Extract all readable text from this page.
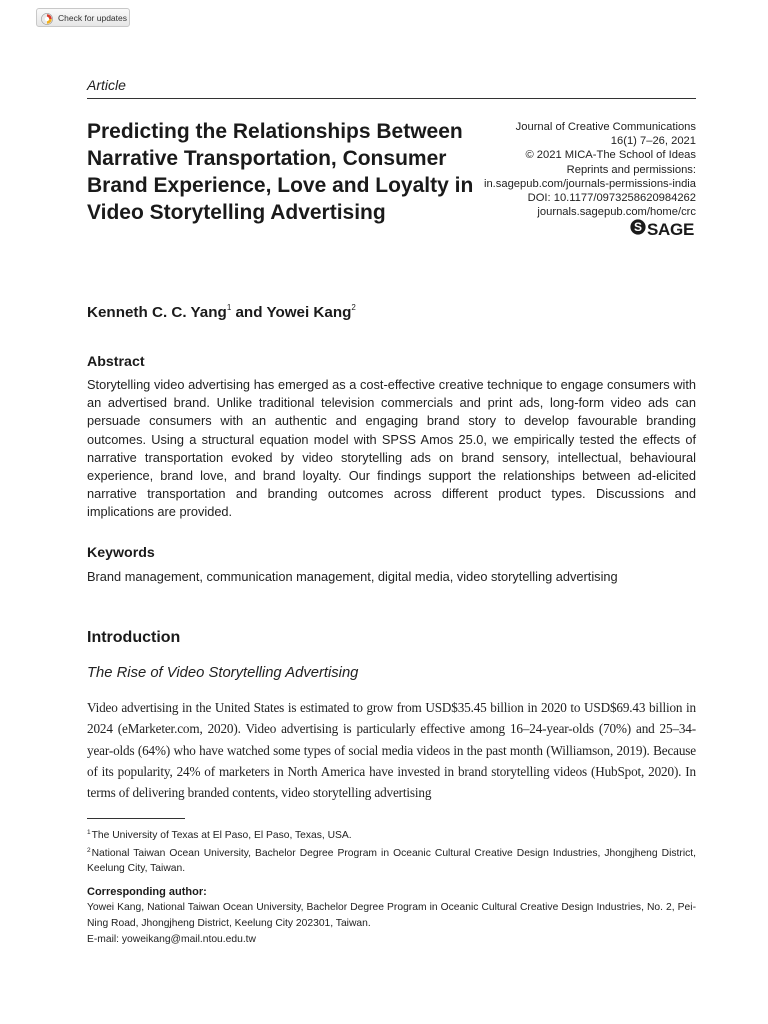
Check for updates
Article
Predicting the Relationships Between Narrative Transportation, Consumer Brand Experience, Love and Loyalty in Video Storytelling Advertising
Journal of Creative Communications
16(1) 7–26, 2021
© 2021 MICA-The School of Ideas
Reprints and permissions:
in.sagepub.com/journals-permissions-india
DOI: 10.1177/0973258620984262
journals.sagepub.com/home/crc
S SAGE
Kenneth C. C. Yang$^1$ and Yowei Kang$^2$
Abstract

Storytelling video advertising has emerged as a cost-effective creative technique to engage consumers with an advertised brand. Unlike traditional television commercials and print ads, long-form video ads can persuade consumers with an authentic and engaging brand story to develop favourable branding outcomes. Using a structural equation model with SPSS Amos 25.0, we empirically tested the effects of narrative transportation evoked by video storytelling ads on brand sensory, intellectual, behavioural experience, brand love, and brand loyalty. Our findings support the relationships between ad-elicited narrative transportation and branding outcomes across different product types. Discussions and implications are provided.

Keywords
Brand management, communication management, digital media, video storytelling advertising
Introduction
The Rise of Video Storytelling Advertising

Video advertising in the United States is estimated to grow from USD$35.45 billion in 2020 to USD$69.43 billion in 2024 (eMarketer.com, 2020). Video advertising is particularly effective among 16–24-year-olds (70%) and 25–34-year-olds (64%) who have watched some types of social media videos in the past month (Williamson, 2019). Because of its popularity, 24% of marketers in North America have invested in brand storytelling videos (HubSpot, 2020). In terms of delivering branded contents, video storytelling advertising

$^1$The University of Texas at El Paso, El Paso, Texas, USA.

$^2$National Taiwan Ocean University, Bachelor Degree Program in Oceanic Cultural Creative Design Industries, Jhongjheng District, Keelung City, Taiwan.

Corresponding author:

Yowei Kang, National Taiwan Ocean University, Bachelor Degree Program in Oceanic Cultural Creative Design Industries, No. 2, Pei-Ning Road, Jhongjheng District, Keelung City 202301, Taiwan.

E-mail: yoweikang@mail.ntou.edu.tw
